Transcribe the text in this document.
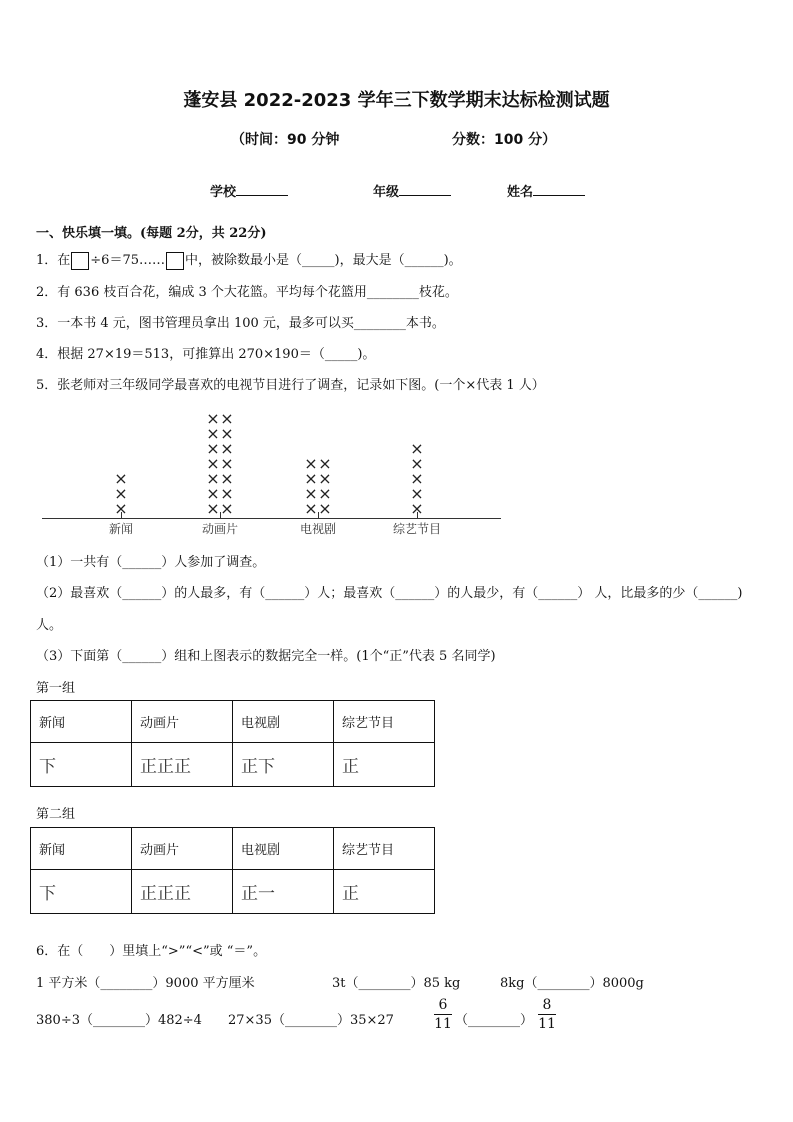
蓬安县 2022-2023 学年三下数学期末达标检测试题
（时间：90 分钟	分数：100 分）
学校	年级	姓名
一、快乐填一填。(每题 2分，共 22分)
1．在 ÷6＝75…… 中，被除数最小是（_____)，最大是（______)。
2．有 636 枝百合花，编成 3 个大花篮。平均每个花篮用________枝花。
3．一本书 4 元，图书管理员拿出 100 元，最多可以买________本书。
4．根据 27×19＝513，可推算出 270×190＝（_____)。
5．张老师对三年级同学最喜欢的电视节目进行了调查，记录如下图。(一个×代表 1 人）
新闻
×
×
×
动画片
× ×
× ×
× ×
× ×
× ×
× ×
× ×
电视剧
× ×
× ×
× ×
× ×
综艺节目
×
×
×
×
×
（1）一共有（______）人参加了调查。
（2）最喜欢（______）的人最多，有（______）人；最喜欢（______）的人最少，有（______） 人，比最多的少（______)
人。
（3）下面第（______）组和上图表示的数据完全一样。(1个“正”代表 5 名同学)
第一组
新闻	动画片	电视剧	综艺节目
下	正正正	正下	正
第二组
新闻	动画片	电视剧	综艺节目
下	正正正	正一	正
6．在（　　）里填上“>”“<”或 “＝”。
1 平方米（________）9000 平方厘米	3t（________）85 kg	8kg（________）8000g
380÷3（________）482÷4 27×35（________）35×27
6
11 （________）
8
11
